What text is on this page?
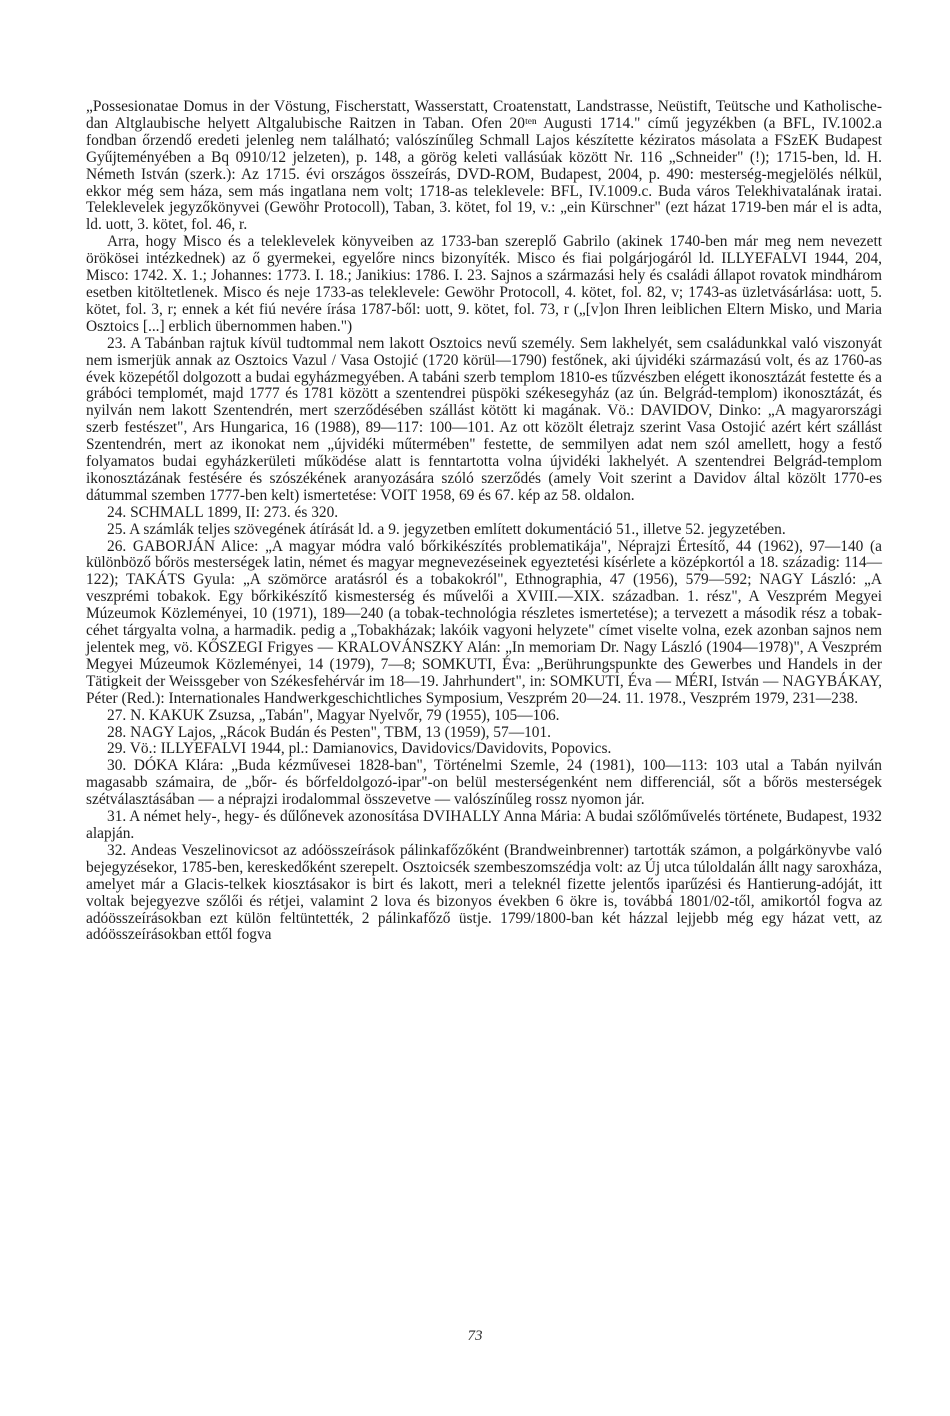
„Possesionatae Domus in der Vöstung, Fischerstatt, Wasserstatt, Croatenstatt, Landstrasse, Neüstift, Teütsche und Katholische- dan Altglaubische helyett Altgalubische Raitzen in Taban. Ofen 20ᵗᵉⁿ Augusti 1714." című jegyzékben (a BFL, IV.1002.a fondban őrzendő eredeti jelenleg nem található; valószínűleg Schmall Lajos készítette kéziratos másolata a FSzEK Budapest Gyűjteményében a Bq 0910/12 jelzeten), p. 148, a görög keleti vallásúak között Nr. 116 „Schneider" (!); 1715-ben, ld. H. Németh István (szerk.): Az 1715. évi országos összeírás, DVD-ROM, Budapest, 2004, p. 490: mesterség-megjelölés nélkül, ekkor még sem háza, sem más ingatlana nem volt; 1718-as teleklevele: BFL, IV.1009.c. Buda város Telekhivatalának iratai. Teleklevelek jegyzőkönyvei (Gewöhr Protocoll), Taban, 3. kötet, fol 19, v.: „ein Kürschner" (ezt házat 1719-ben már el is adta, ld. uott, 3. kötet, fol. 46, r.

Arra, hogy Misco és a teleklevelek könyveiben az 1733-ban szereplő Gabrilo (akinek 1740-ben már meg nem nevezett örökösei intézkednek) az ő gyermekei, egyelőre nincs bizonyíték. Misco és fiai polgárjogáról ld. ILLYEFALVI 1944, 204, Misco: 1742. X. 1.; Johannes: 1773. I. 18.; Janikius: 1786. I. 23. Sajnos a származási hely és családi állapot rovatok mindhárom esetben kitöltetlenek. Misco és neje 1733-as teleklevele: Gewöhr Protocoll, 4. kötet, fol. 82, v; 1743-as üzletvásárlása: uott, 5. kötet, fol. 3, r; ennek a két fiú nevére írása 1787-ből: uott, 9. kötet, fol. 73, r („[v]on Ihren leiblichen Eltern Misko, und Maria Osztoics [...] erblich übernommen haben.")

23. A Tabánban rajtuk kívül tudtommal nem lakott Osztoics nevű személy. Sem lakhelyét, sem családunkkal való viszonyát nem ismerjük annak az Osztoics Vazul / Vasa Ostojić (1720 körül—1790) festőnek, aki újvidéki származású volt, és az 1760-as évek közepétől dolgozott a budai egyházmegyében. A tabáni szerb templom 1810-es tűzvészben elégett ikonosztázát festette és a grábóci templomét, majd 1777 és 1781 között a szentendrei püspöki székesegyház (az ún. Belgrád-templom) ikonosztázát, és nyilván nem lakott Szentendrén, mert szerződésében szállást kötött ki magának. Vö.: DAVIDOV, Dinko: „A magyarországi szerb festészet", Ars Hungarica, 16 (1988), 89—117: 100—101. Az ott közölt életrajz szerint Vasa Ostojić azért kért szállást Szentendrén, mert az ikonokat nem „újvidéki műtermében" festette, de semmilyen adat nem szól amellett, hogy a festő folyamatos budai egyházkerületi működése alatt is fenntartotta volna újvidéki lakhelyét. A szentendrei Belgrád-templom ikonosztázának festésére és szószékének aranyozására szóló szerződés (amely Voit szerint a Davidov által közölt 1770-es dátummal szemben 1777-ben kelt) ismertetése: VOIT 1958, 69 és 67. kép az 58. oldalon.

24. SCHMALL 1899, II: 273. és 320.

25. A számlák teljes szövegének átírását ld. a 9. jegyzetben említett dokumentáció 51., illetve 52. jegyzetében.

26. GABORJÁN Alice: „A magyar módra való bőrkikészítés problematikája", Néprajzi Értesítő, 44 (1962), 97—140 (a különböző bőrös mesterségek latin, német és magyar megnevezéseinek egyeztetési kísérlete a középkortól a 18. századig: 114—122); TAKÁTS Gyula: „A szömörce aratásról és a tobakokról", Ethnographia, 47 (1956), 579—592; NAGY László: „A veszprémi tobakok. Egy bőrkikészítő kismesterség és művelői a XVIII.—XIX. században. 1. rész", A Veszprém Megyei Múzeumok Közleményei, 10 (1971), 189—240 (a tobak-technológia részletes ismertetése); a tervezett a második rész a tobak-céhet tárgyalta volna, a harmadik. pedig a „Tobakházak; lakóik vagyoni helyzete" címet viselte volna, ezek azonban sajnos nem jelentek meg, vö. KŐSZEGI Frigyes — KRALOVÁNSZKY Alán: „In memoriam Dr. Nagy László (1904—1978)", A Veszprém Megyei Múzeumok Közleményei, 14 (1979), 7—8; SOMKUTI, Éva: „Berührungspunkte des Gewerbes und Handels in der Tätigkeit der Weissgeber von Székesfehérvár im 18—19. Jahrhundert", in: SOMKUTI, Éva — MÉRI, István — NAGYBÁKAY, Péter (Red.): Internationales Handwerkgeschichtliches Symposium, Veszprém 20—24. 11. 1978., Veszprém 1979, 231—238.

27. N. KAKUK Zsuzsa, „Tabán", Magyar Nyelvőr, 79 (1955), 105—106.

28. NAGY Lajos, „Rácok Budán és Pesten", TBM, 13 (1959), 57—101.

29. Vö.: ILLYEFALVI 1944, pl.: Damianovics, Davidovics/Davidovits, Popovics.

30. DÓKA Klára: „Buda kézművesei 1828-ban", Történelmi Szemle, 24 (1981), 100—113: 103 utal a Tabán nyilván magasabb számaira, de „bőr- és bőrfeldolgozó-ipar"-on belül mesterségenként nem differenciál, sőt a bőrös mesterségek szétválasztásában — a néprajzi irodalommal összevetve — valószínűleg rossz nyomon jár.

31. A német hely-, hegy- és dűlőnevek azonosítása DVIHALLY Anna Mária: A budai szőlőművelés története, Budapest, 1932 alapján.

32. Andeas Veszelinovicsot az adóösszeírások pálinkafőzőként (Brandweinbrenner) tartották számon, a polgárkönyvbe való bejegyzésekor, 1785-ben, kereskedőként szerepelt. Osztoicsék szembeszomszédja volt: az Új utca túloldalán állt nagy saroxháza, amelyet már a Glacis-telkek kiosztásakor is birt és lakott, meri a teleknél fizette jelentős iparűzési és Hantierung-adóját, itt voltak bejegyezve szőlői és rétjei, valamint 2 lova és bizonyos években 6 ökre is, továbbá 1801/02-től, amikortól fogva az adóösszeírásokban ezt külön feltüntették, 2 pálinkafőző üstje. 1799/1800-ban két házzal lejjebb még egy házat vett, az adóösszeírásokban ettől fogva

73
